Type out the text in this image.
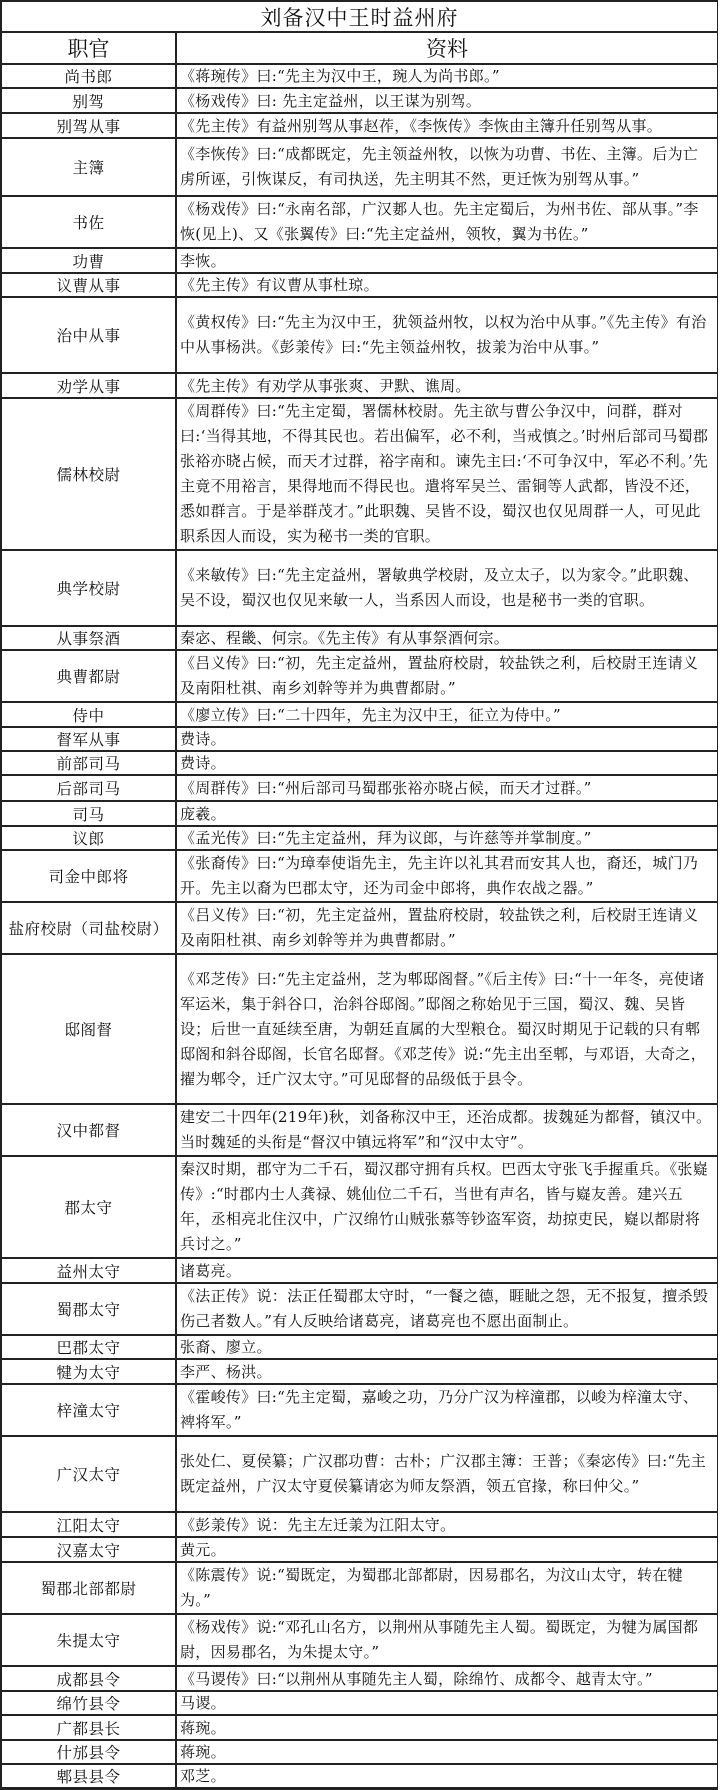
刘备汉中王时益州府
职官	资料
尚书郎	《蒋琬传》曰:“先主为汉中王，琬人为尚书郎。”
别驾	《杨戏传》曰: 先主定益州，以王谋为别驾。
别驾从事	《先主传》有益州别驾从事赵莋，《李恢传》李恢由主簿升任别驾从事。
主簿	《李恢传》曰:“成都既定，先主领益州牧，以恢为功曹、书佐、主簿。后为亡虏所诬，引恢谋反，有司执送，先主明其不然，更迁恢为别驾从事。”
书佐	《杨戏传》曰:“永南名部，广汉郪人也。先主定蜀后，为州书佐、部从事。”李恢(见上)、又《张翼传》曰:“先主定益州，领牧，翼为书佐。”
功曹	李恢。
议曹从事	《先主传》有议曹从事杜琼。
治中从事	《黄权传》曰:“先主为汉中王，犹领益州牧，以权为治中从事。”《先主传》有治中从事杨洪。《彭羕传》曰:“先主领益州牧，拔羕为治中从事。”
劝学从事	《先主传》有劝学从事张爽、尹默、谯周。
儒林校尉	《周群传》曰:“先主定蜀，署儒林校尉。先主欲与曹公争汉中，问群，群对曰:‘当得其地，不得其民也。若出偏军，必不利，当戒慎之。’时州后部司马蜀郡张裕亦晓占候，而天才过群，裕字南和。谏先主曰:‘不可争汉中，军必不利。’先主竟不用裕言，果得地而不得民也。遣将军吴兰、雷铜等人武都，皆没不还，悉如群言。于是举群茂才。”此职魏、吴皆不设，蜀汉也仅见周群一人，可见此职系因人而设，实为秘书一类的官职。
典学校尉	《来敏传》曰:“先主定益州，署敏典学校尉，及立太子，以为家令。”此职魏、吴不设，蜀汉也仅见来敏一人，当系因人而设，也是秘书一类的官职。
从事祭酒	秦宓、程畿、何宗。《先主传》有从事祭酒何宗。
典曹都尉	《吕义传》曰:“初，先主定益州，置盐府校尉，较盐铁之利，后校尉王连请义及南阳杜祺、南乡刘幹等并为典曹都尉。”
侍中	《廖立传》曰:“二十四年，先主为汉中王，征立为侍中。”
督军从事	费诗。
前部司马	费诗。
后部司马	《周群传》曰:“州后部司马蜀郡张裕亦晓占候，而天才过群。”
司马	庞羲。
议郎	《孟光传》曰:“先主定益州，拜为议郎，与许慈等并掌制度。”
司金中郎将	《张裔传》曰:“为璋奉使诣先主，先主许以礼其君而安其人也，裔还，城门乃开。先主以裔为巴郡太守，还为司金中郎将，典作农战之器。”
盐府校尉（司盐校尉）	《吕义传》曰:“初，先主定益州，置盐府校尉，较盐铁之利，后校尉王连请义及南阳杜祺、南乡刘幹等并为典曹都尉。”
邸阁督	《邓芝传》曰:“先主定益州，芝为郫邸阁督。”《后主传》曰:“十一年冬，亮使诸军运米，集于斜谷口，治斜谷邸阁。”邸阁之称始见于三国，蜀汉、魏、吴皆设；后世一直延续至唐，为朝廷直属的大型粮仓。蜀汉时期见于记载的只有郫邸阁和斜谷邸阁，长官名邸督。《邓芝传》说:“先主出至郫，与邓语，大奇之，擢为郫令，迁广汉太守。”可见邸督的品级低于县令。
汉中都督	建安二十四年(219年)秋，刘备称汉中王，还治成都。拔魏延为都督，镇汉中。当时魏延的头衔是“督汉中镇远将军”和“汉中太守”。
郡太守	秦汉时期，郡守为二千石，蜀汉郡守拥有兵权。巴西太守张飞手握重兵。《张嶷传》:“时郡内士人龚禄、姚仙位二千石，当世有声名，皆与嶷友善。建兴五年，丞相亮北住汉中，广汉绵竹山贼张慕等钞盗军资，劫掠吏民，嶷以都尉将兵讨之。”
益州太守	诸葛亮。
蜀郡太守	《法正传》说：法正任蜀郡太守时，“一餐之德，睚眦之怨，无不报复，擅杀毁伤己者数人。”有人反映给诸葛亮，诸葛亮也不愿出面制止。
巴郡太守	张裔、廖立。
犍为太守	李严、杨洪。
梓潼太守	《霍峻传》曰:“先主定蜀，嘉峻之功，乃分广汉为梓潼郡，以峻为梓潼太守、裨将军。”
广汉太守	张处仁、夏侯纂；广汉郡功曹：古朴；广汉郡主簿：王普；《秦宓传》曰:“先主既定益州，广汉太守夏侯纂请宓为师友祭酒，领五官掾，称曰仲父。”
江阳太守	《彭羕传》说：先主左迁羕为江阳太守。
汉嘉太守	黄元。
蜀郡北部都尉	《陈震传》说:“蜀既定，为蜀郡北部都尉，因易郡名，为汶山太守，转在犍为。”
朱提太守	《杨戏传》说:“邓孔山名方，以荆州从事随先主人蜀。蜀既定，为犍为属国都尉，因易郡名，为朱提太守。”
成都县令	《马谡传》曰:“以荆州从事随先主人蜀，除绵竹、成都令、越青太守。”
绵竹县令	马谡。
广都县长	蒋琬。
什邡县令	蒋琬。
郫县县令	邓芝。
